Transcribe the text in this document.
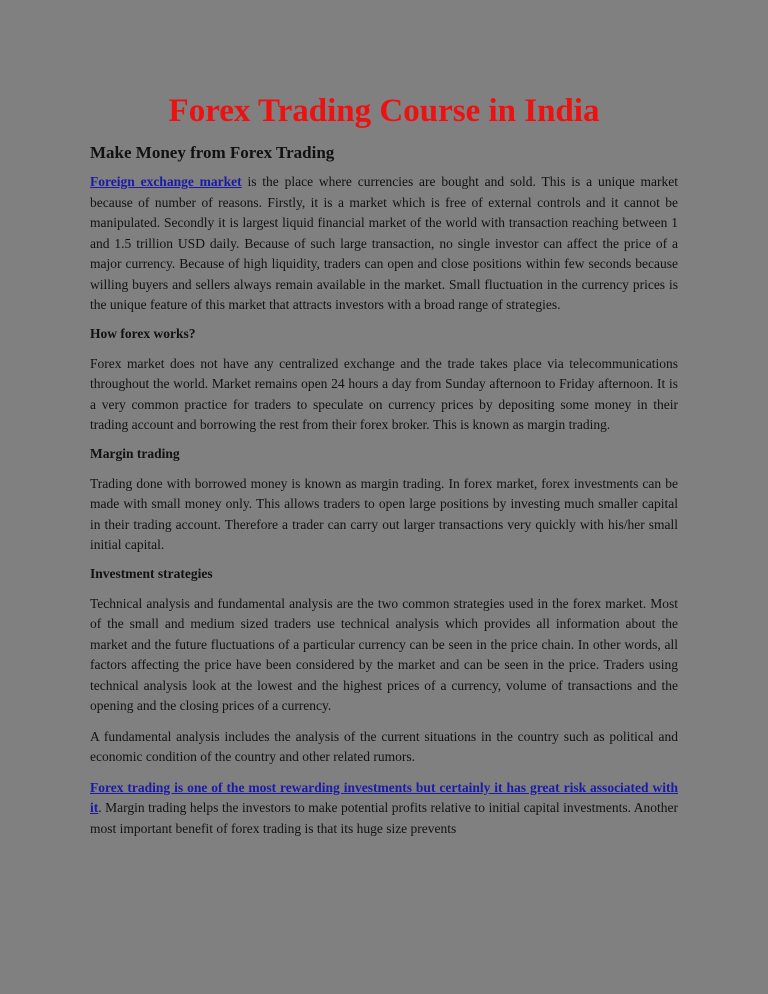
Forex Trading Course in India
Make Money from Forex Trading

Foreign exchange market is the place where currencies are bought and sold. This is a unique market because of number of reasons. Firstly, it is a market which is free of external controls and it cannot be manipulated. Secondly it is largest liquid financial market of the world with transaction reaching between 1 and 1.5 trillion USD daily. Because of such large transaction, no single investor can affect the price of a major currency. Because of high liquidity, traders can open and close positions within few seconds because willing buyers and sellers always remain available in the market. Small fluctuation in the currency prices is the unique feature of this market that attracts investors with a broad range of strategies.

How forex works?

Forex market does not have any centralized exchange and the trade takes place via telecommunications throughout the world. Market remains open 24 hours a day from Sunday afternoon to Friday afternoon. It is a very common practice for traders to speculate on currency prices by depositing some money in their trading account and borrowing the rest from their forex broker. This is known as margin trading.

Margin trading

Trading done with borrowed money is known as margin trading. In forex market, forex investments can be made with small money only. This allows traders to open large positions by investing much smaller capital in their trading account. Therefore a trader can carry out larger transactions very quickly with his/her small initial capital.

Investment strategies

Technical analysis and fundamental analysis are the two common strategies used in the forex market. Most of the small and medium sized traders use technical analysis which provides all information about the market and the future fluctuations of a particular currency can be seen in the price chain. In other words, all factors affecting the price have been considered by the market and can be seen in the price. Traders using technical analysis look at the lowest and the highest prices of a currency, volume of transactions and the opening and the closing prices of a currency.

A fundamental analysis includes the analysis of the current situations in the country such as political and economic condition of the country and other related rumors.

Forex trading is one of the most rewarding investments but certainly it has great risk associated with it. Margin trading helps the investors to make potential profits relative to initial capital investments. Another most important benefit of forex trading is that its huge size prevents
